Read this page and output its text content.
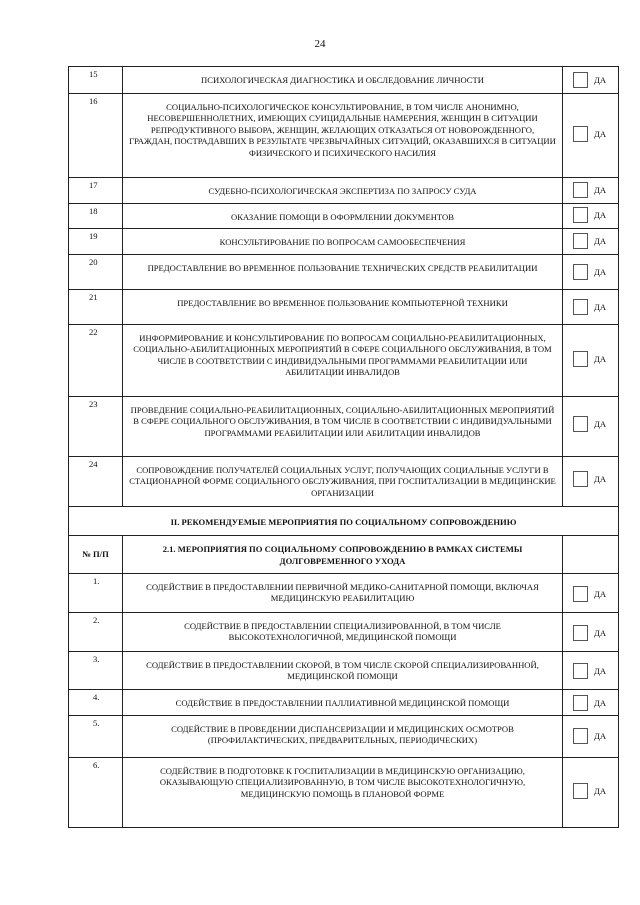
24
15	ПСИХОЛОГИЧЕСКАЯ ДИАГНОСТИКА И ОБСЛЕДОВАНИЕ ЛИЧНОСТИ	ДА

16	СОЦИАЛЬНО-ПСИХОЛОГИЧЕСКОЕ КОНСУЛЬТИРОВАНИЕ, В ТОМ ЧИСЛЕ АНОНИМНО, НЕСОВЕРШЕННОЛЕТНИХ, ИМЕЮЩИХ СУИЦИДАЛЬНЫЕ НАМЕРЕНИЯ, ЖЕНЩИН В СИТУАЦИИ РЕПРОДУКТИВНОГО ВЫБОРА, ЖЕНЩИН, ЖЕЛАЮЩИХ ОТКАЗАТЬСЯ ОТ НОВОРОЖДЕННОГО, ГРАЖДАН, ПОСТРАДАВШИХ В РЕЗУЛЬТАТЕ ЧРЕЗВЫЧАЙНЫХ СИТУАЦИЙ, ОКАЗАВШИХСЯ В СИТУАЦИИ ФИЗИЧЕСКОГО И ПСИХИЧЕСКОГО НАСИЛИЯ	ДА

17	СУДЕБНО-ПСИХОЛОГИЧЕСКАЯ ЭКСПЕРТИЗА ПО ЗАПРОСУ СУДА	ДА

18	ОКАЗАНИЕ ПОМОЩИ В ОФОРМЛЕНИИ ДОКУМЕНТОВ	ДА

19	КОНСУЛЬТИРОВАНИЕ ПО ВОПРОСАМ САМООБЕСПЕЧЕНИЯ	ДА

20	ПРЕДОСТАВЛЕНИЕ ВО ВРЕМЕННОЕ ПОЛЬЗОВАНИЕ ТЕХНИЧЕСКИХ СРЕДСТВ РЕАБИЛИТАЦИИ	ДА

21	ПРЕДОСТАВЛЕНИЕ ВО ВРЕМЕННОЕ ПОЛЬЗОВАНИЕ КОМПЬЮТЕРНОЙ ТЕХНИКИ	ДА

22	ИНФОРМИРОВАНИЕ И КОНСУЛЬТИРОВАНИЕ ПО ВОПРОСАМ СОЦИАЛЬНО-РЕАБИЛИТАЦИОННЫХ, СОЦИАЛЬНО-АБИЛИТАЦИОННЫХ МЕРОПРИЯТИЙ В СФЕРЕ СОЦИАЛЬНОГО ОБСЛУЖИВАНИЯ, В ТОМ ЧИСЛЕ В СООТВЕТСТВИИ С ИНДИВИДУАЛЬНЫМИ ПРОГРАММАМИ РЕАБИЛИТАЦИИ ИЛИ АБИЛИТАЦИИ ИНВАЛИДОВ	ДА

23	ПРОВЕДЕНИЕ СОЦИАЛЬНО-РЕАБИЛИТАЦИОННЫХ, СОЦИАЛЬНО-АБИЛИТАЦИОННЫХ МЕРОПРИЯТИЙ В СФЕРЕ СОЦИАЛЬНОГО ОБСЛУЖИВАНИЯ, В ТОМ ЧИСЛЕ В СООТВЕТСТВИИ С ИНДИВИДУАЛЬНЫМИ ПРОГРАММАМИ РЕАБИЛИТАЦИИ ИЛИ АБИЛИТАЦИИ ИНВАЛИДОВ	ДА

24	СОПРОВОЖДЕНИЕ ПОЛУЧАТЕЛЕЙ СОЦИАЛЬНЫХ УСЛУГ, ПОЛУЧАЮЩИХ СОЦИАЛЬНЫЕ УСЛУГИ В СТАЦИОНАРНОЙ ФОРМЕ СОЦИАЛЬНОГО ОБСЛУЖИВАНИЯ, ПРИ ГОСПИТАЛИЗАЦИИ В МЕДИЦИНСКИЕ ОРГАНИЗАЦИИ	ДА

II. РЕКОМЕНДУЕМЫЕ МЕРОПРИЯТИЯ ПО СОЦИАЛЬНОМУ СОПРОВОЖДЕНИЮ		
№ П/П	2.1. МЕРОПРИЯТИЯ ПО СОЦИАЛЬНОМУ СОПРОВОЖДЕНИЮ В РАМКАХ СИСТЕМЫ ДОЛГОВРЕМЕННОГО УХОДА	
1.	СОДЕЙСТВИЕ В ПРЕДОСТАВЛЕНИИ ПЕРВИЧНОЙ МЕДИКО-САНИТАРНОЙ ПОМОЩИ, ВКЛЮЧАЯ МЕДИЦИНСКУЮ РЕАБИЛИТАЦИЮ	ДА

2.	СОДЕЙСТВИЕ В ПРЕДОСТАВЛЕНИИ СПЕЦИАЛИЗИРОВАННОЙ, В ТОМ ЧИСЛЕ ВЫСОКОТЕХНОЛОГИЧНОЙ, МЕДИЦИНСКОЙ ПОМОЩИ	ДА

3.	СОДЕЙСТВИЕ В ПРЕДОСТАВЛЕНИИ СКОРОЙ, В ТОМ ЧИСЛЕ СКОРОЙ СПЕЦИАЛИЗИРОВАННОЙ, МЕДИЦИНСКОЙ ПОМОЩИ	ДА

4.	СОДЕЙСТВИЕ В ПРЕДОСТАВЛЕНИИ ПАЛЛИАТИВНОЙ МЕДИЦИНСКОЙ ПОМОЩИ	ДА

5.	СОДЕЙСТВИЕ В ПРОВЕДЕНИИ ДИСПАНСЕРИЗАЦИИ И МЕДИЦИНСКИХ ОСМОТРОВ (ПРОФИЛАКТИЧЕСКИХ, ПРЕДВАРИТЕЛЬНЫХ, ПЕРИОДИЧЕСКИХ)	ДА

6.	СОДЕЙСТВИЕ В ПОДГОТОВКЕ К ГОСПИТАЛИЗАЦИИ В МЕДИЦИНСКУЮ ОРГАНИЗАЦИЮ, ОКАЗЫВАЮЩУЮ СПЕЦИАЛИЗИРОВАННУЮ, В ТОМ ЧИСЛЕ ВЫСОКОТЕХНОЛОГИЧНУЮ, МЕДИЦИНСКУЮ ПОМОЩЬ В ПЛАНОВОЙ ФОРМЕ	ДА
